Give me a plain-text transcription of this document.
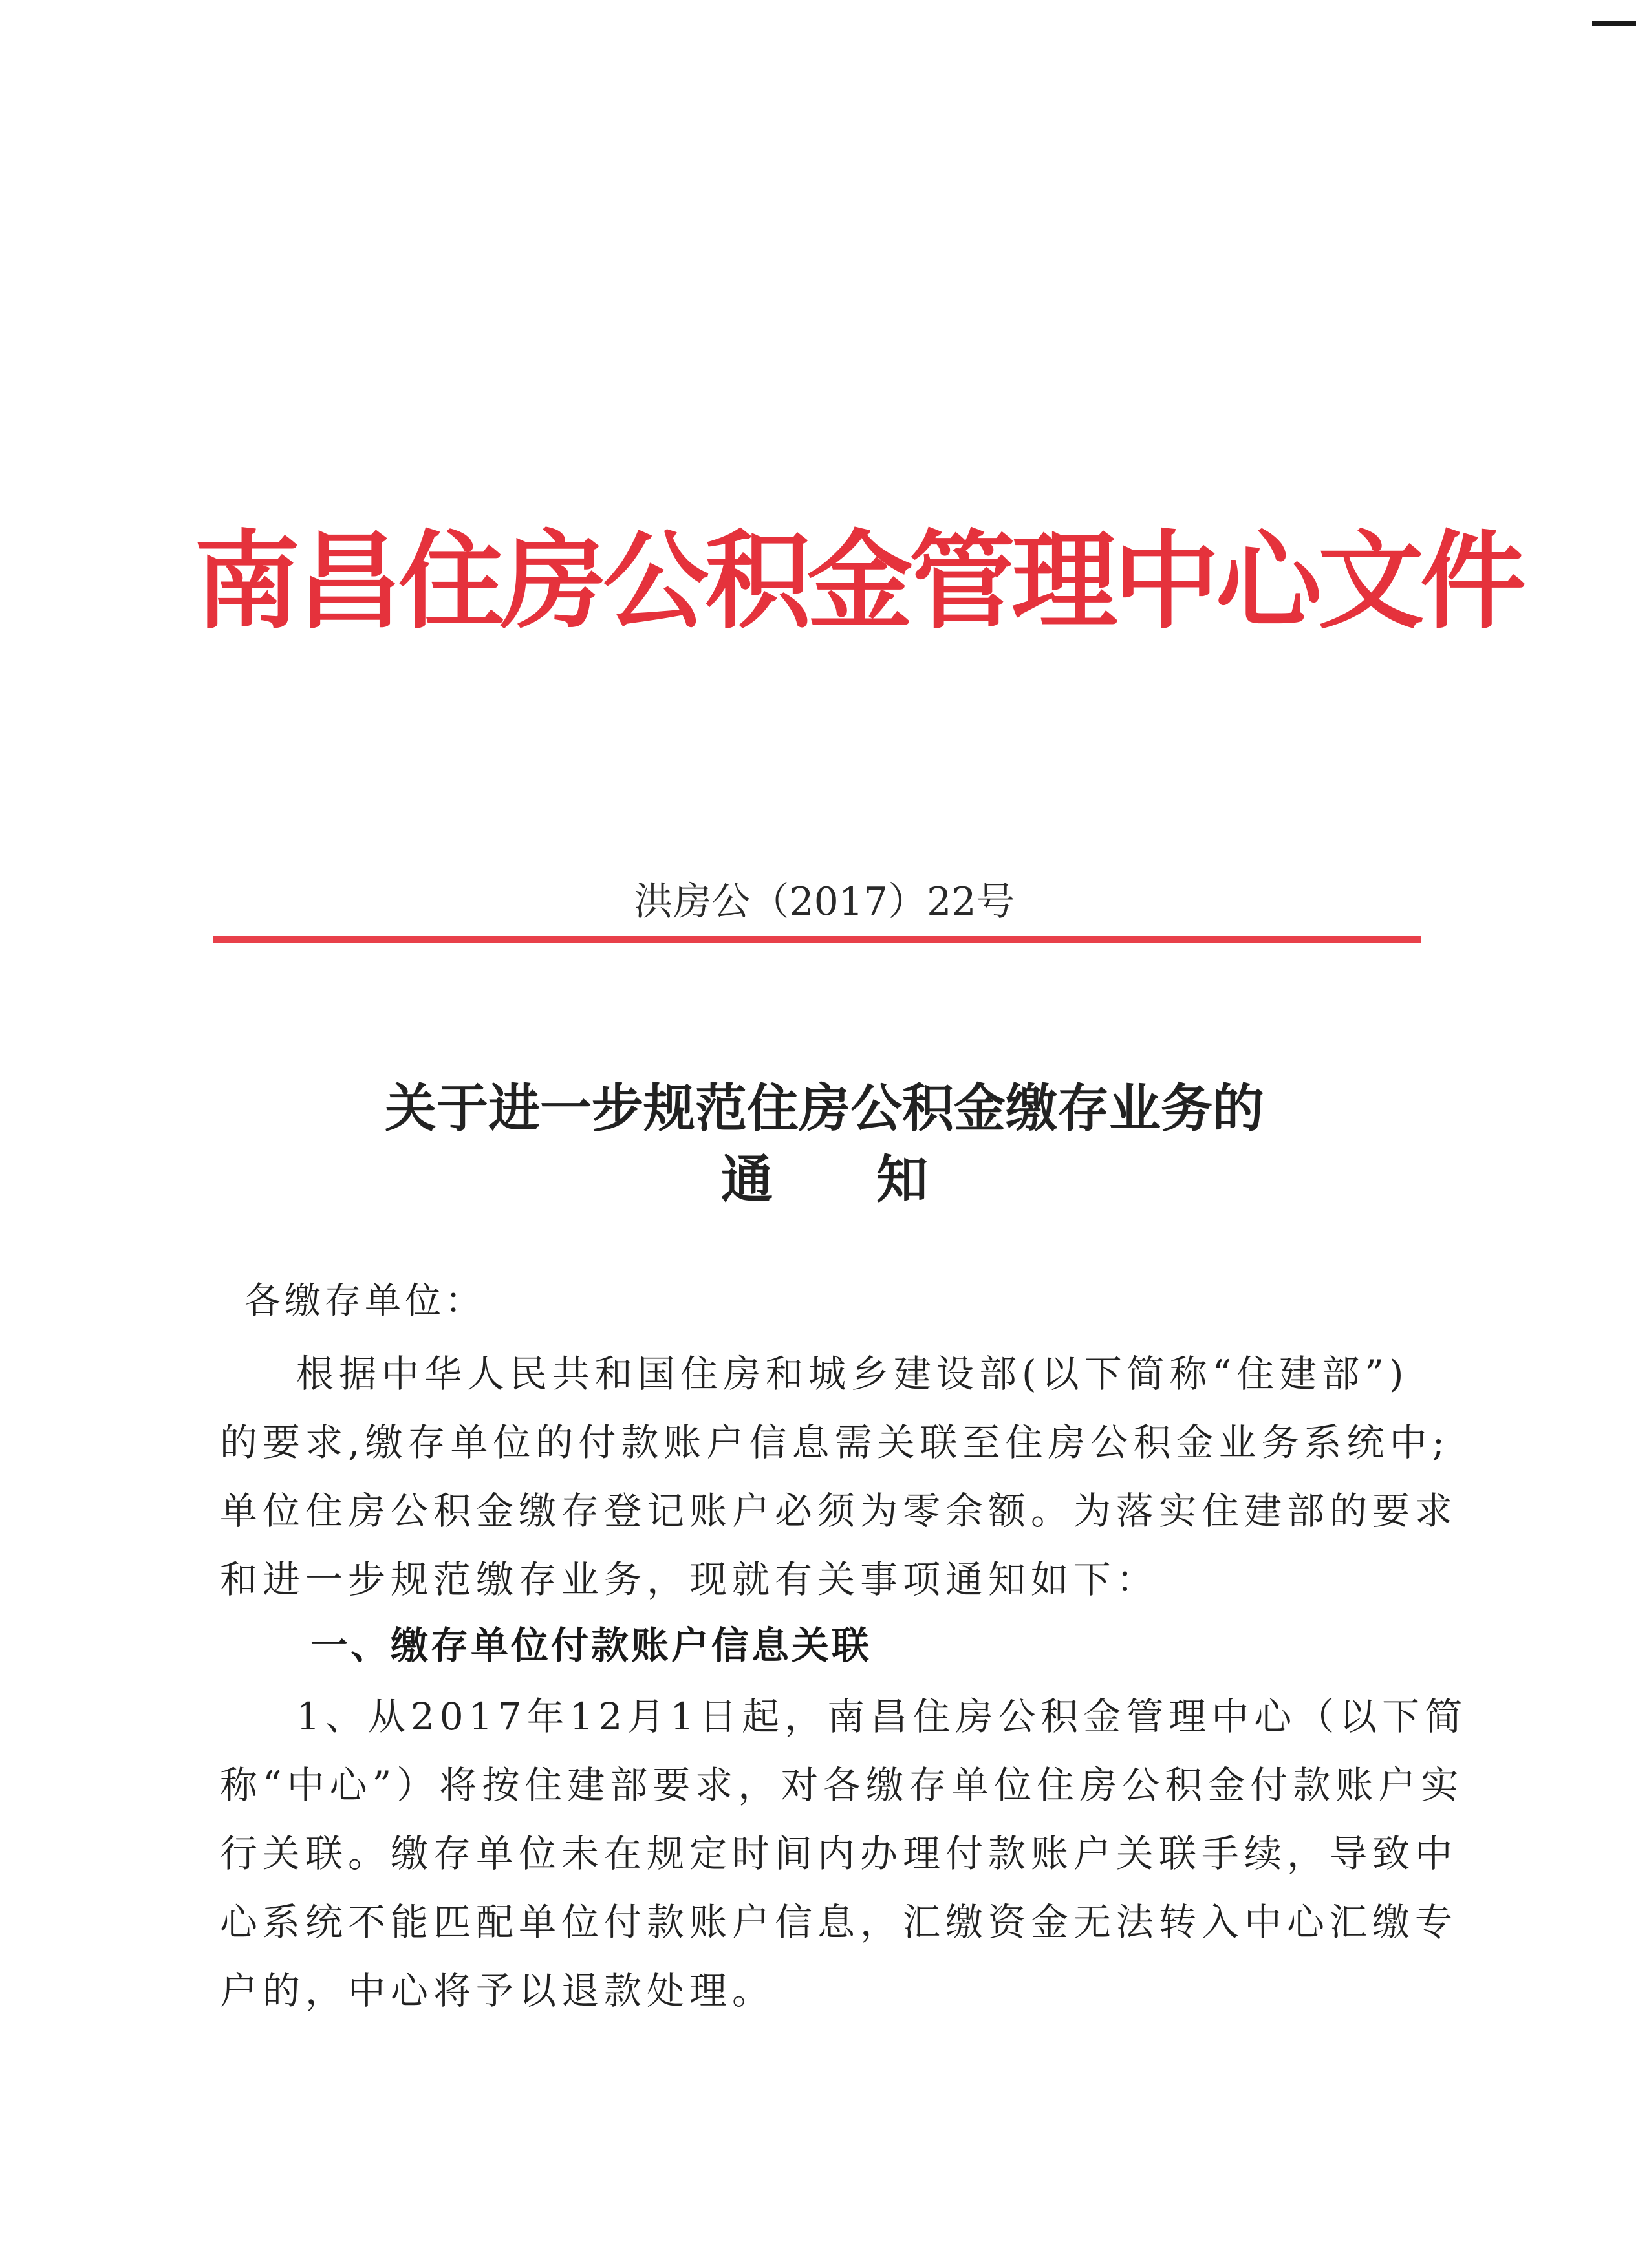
南昌住房公积金管理中心文件
洪房公（2017）22号
关于进一步规范住房公积金缴存业务的
通 知
各缴存单位：
根据中华人民共和国住房和城乡建设部(以下简称“住建部”)
的要求,缴存单位的付款账户信息需关联至住房公积金业务系统中;
单位住房公积金缴存登记账户必须为零余额。为落实住建部的要求
和进一步规范缴存业务，现就有关事项通知如下：
一、缴存单位付款账户信息关联
1、从2017年12月1日起，南昌住房公积金管理中心（以下简
称“中心”）将按住建部要求，对各缴存单位住房公积金付款账户实
行关联。缴存单位未在规定时间内办理付款账户关联手续，导致中
心系统不能匹配单位付款账户信息，汇缴资金无法转入中心汇缴专
户的，中心将予以退款处理。
